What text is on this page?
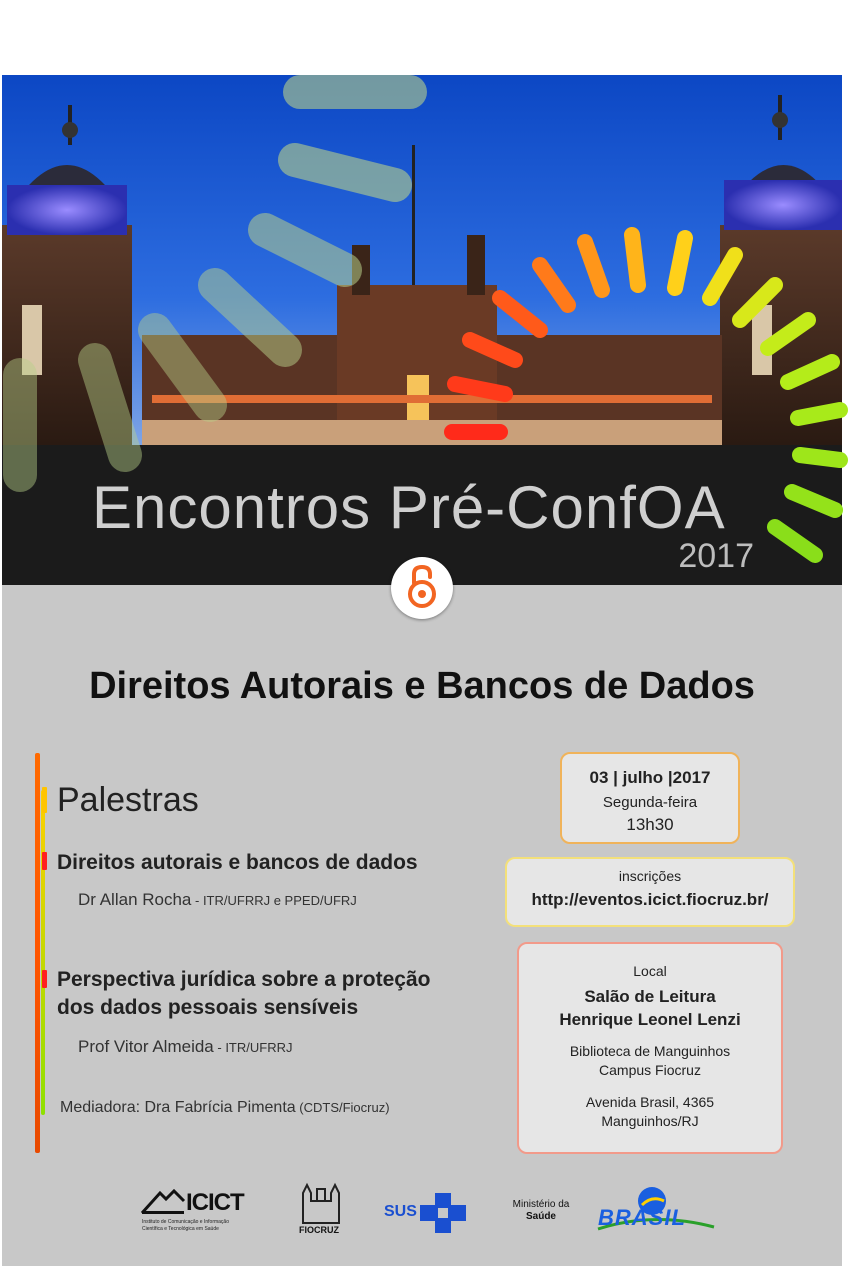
Encontros Pré-ConfOA
2017
Direitos Autorais e Bancos de Dados
Palestras
Direitos autorais e bancos de dados
Dr Allan Rocha - ITR/UFRRJ e PPED/UFRJ
Perspectiva jurídica sobre a proteção
dos dados pessoais sensíveis
Prof Vitor Almeida - ITR/UFRRJ
Mediadora: Dra Fabrícia Pimenta (CDTS/Fiocruz)
03 | julho |2017
Segunda-feira
13h30
inscrições
http://eventos.icict.fiocruz.br/
Local
Salão de Leitura
Henrique Leonel Lenzi
Biblioteca de Manguinhos
Campus Fiocruz
Avenida Brasil, 4365
Manguinhos/RJ
ICICT
Instituto de Comunicação e Informação
Científica e Tecnológica em Saúde	FIOCRUZ
SUS	Ministério da
Saúde	BRASIL
